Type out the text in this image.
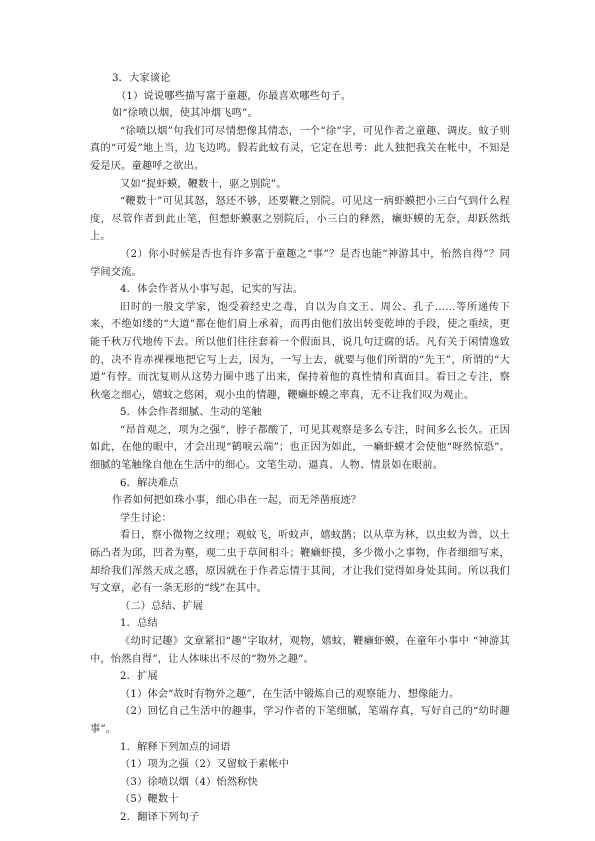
3．大家谈论

（1）说说哪些描写富于童趣，你最喜欢哪些句子。

如“徐喷以烟，使其冲烟飞鸣”。

“徐喷以烟”句我们可尽情想像其情态，一个“徐”字，可见作者之童趣、调皮。蚊子则真的“可爱”地上当，边飞边鸣。假若此蚊有灵，它定在思考：此人独把我关在帐中，不知是爱是厌。童趣呼之欲出。

又如“捉虾蟆，鞭数十，驱之别院”。

“鞭数十”可见其怒，怒还不够，还要鞭之别院。可见这一病虾蟆把小三白气到什么程度，尽管作者到此止笔，但想虾蟆驱之别院后，小三白的释然，癞虾蟆的无奈，却跃然纸上。

（2）你小时候是否也有许多富于童趣之“事”？是否也能“神游其中，怡然自得”？同学间交流。

4．体会作者从小事写起，记实的写法。

旧时的一般文学家，饱受着经史之毒，自以为自文王、周公、孔子……等所递传下来，不绝如缕的“大道”都在他们肩上承着，而再由他们放出转变乾坤的手段，使之重续，更能千秋万代地传下去。所以他们往往套着一个假面具，说几句迂腐的话。凡有关于闲情逸致的，决不肯赤裸裸地把它写上去，因为，一写上去，就要与他们所谓的“先王”，所谓的“大道”有悖。而沈复则从这势力圈中逃了出来，保持着他的真性情和真面目。看日之专注，察秋毫之细心，嬉蚊之悠闲，观小虫的情趣，鞭癞虾蟆之率真，无不让我们叹为观止。

5．体会作者细腻、生动的笔触

“昂首观之，项为之强”，脖子都酸了，可见其观察是多么专注，时间多么长久。正因如此，在他的眼中，才会出现“鹤唳云端”；也正因为如此，一癞虾蟆才会使他“呀然惊恐”。细腻的笔触缘自他在生活中的细心。文笔生动、逼真、人物、情景如在眼前。

6．解决难点

作者如何把如珠小事，细心串在一起，而无斧凿痕迹？

学生讨论：

看日，察小微物之纹理；观蚊飞，听蚊声，嬉蚊鹊；以从草为林，以虫蚁为兽，以土砾凸者为邱，凹者为壑，观二虫于草间相斗；鞭癞虾摸，多少微小之事物，作者细细写来，却给我们浑然天成之感，原因就在于作者忘情于其间，才让我们觉得如身处其间。所以我们写文章，必有一条无形的“线”在其中。

（二）总结、扩展

1．总结

《幼时记趣》文章紧扣“趣”字取材，观物，嬉蚊，鞭癞虾蟆，在童年小事中 “神游其中，怡然自得”，让人体味出不尽的“物外之趣”。

2．扩展

（1）体会“故时有物外之趣”，在生活中锻炼自己的观察能力、想像能力。

（2）回忆自己生活中的趣事，学习作者的下笔细腻，笔端存真，写好自己的“幼时趣事”。

1．解释下列加点的词语

（1）项为之强（2）又留蚊于素帐中

（3）徐喷以烟（4）怡然称快

（5）鞭数十

2．翻译下列句子
